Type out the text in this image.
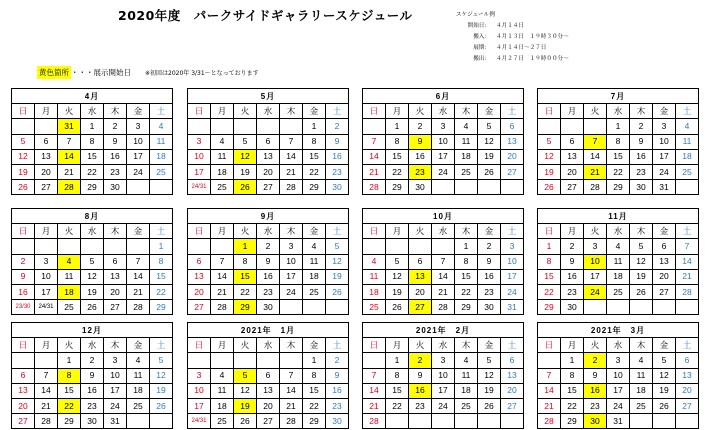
2020年度　パークサイドギャラリースケジュール	スケジュール例
開始日： ４月１４日
搬入： ４月１３日　１９時３０分～
展期： ４月１４日～２７日
搬出： ４月２７日　１９時００分～
黄色箇所 ・・・展示開始日 ※初回は2020年 3/31～となっております
4月						
日	月	火	水	木	金	土
		31	1	2	3	4
5	6	7	8	9	10	11
12	13	14	15	16	17	18
19	20	21	22	23	24	25
26	27	28	29	30		
5月						
日	月	火	水	木	金	土
					1	2
3	4	5	6	7	8	9
10	11	12	13	14	15	16
17	18	19	20	21	22	23
24/31	25	26	27	28	29	30
6月						
日	月	火	水	木	金	土
	1	2	3	4	5	6
7	8	9	10	11	12	13
14	15	16	17	18	19	20
21	22	23	24	25	26	27
28	29	30				
7月						
日	月	火	水	木	金	土
			1	2	3	4
5	6	7	8	9	10	11
12	13	14	15	16	17	18
19	20	21	22	23	24	25
26	27	28	29	30	31	
8月						
日	月	火	水	木	金	土
						1
2	3	4	5	6	7	8
9	10	11	12	13	14	15
16	17	18	19	20	21	22
23/30	24/31	25	26	27	28	29
9月						
日	月	火	水	木	金	土
		1	2	3	4	5
6	7	8	9	10	11	12
13	14	15	16	17	18	19
20	21	22	23	24	25	26
27	28	29	30			
10月						
日	月	火	水	木	金	土
				1	2	3
4	5	6	7	8	9	10
11	12	13	14	15	16	17
18	19	20	21	22	23	24
25	26	27	28	29	30	31
11月						
日	月	火	水	木	金	土
1	2	3	4	5	6	7
8	9	10	11	12	13	14
15	16	17	18	19	20	21
22	23	24	25	26	27	28
29	30					
12月						
日	月	火	水	木	金	土
		1	2	3	4	5
6	7	8	9	10	11	12
13	14	15	16	17	18	19
20	21	22	23	24	25	26
27	28	29	30	31		
2021年　1月						
日	月	火	水	木	金	土
					1	2
3	4	5	6	7	8	9
10	11	12	13	14	15	16
17	18	19	20	21	22	23
24/31	25	26	27	28	29	30
2021年　2月						
日	月	火	水	木	金	土
	1	2	3	4	5	6
7	8	9	10	11	12	13
14	15	16	17	18	19	20
21	22	23	24	25	26	27
28						
2021年　3月						
日	月	火	水	木	金	土
	1	2	3	4	5	6
7	8	9	10	11	12	13
14	15	16	17	18	19	20
21	22	23	24	25	26	27
28	29	30	31			
